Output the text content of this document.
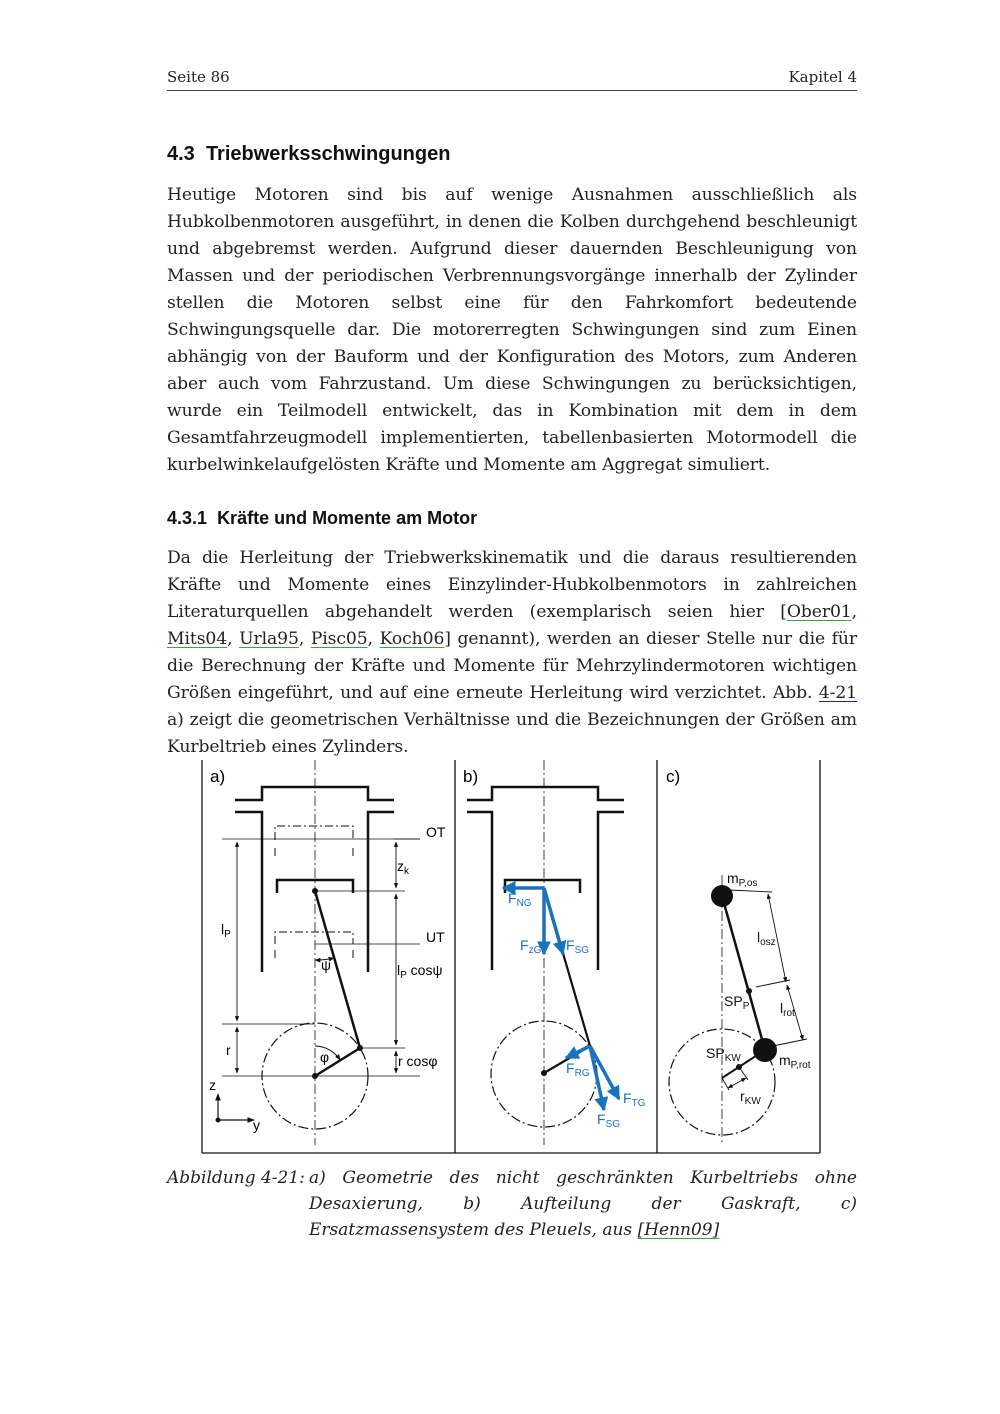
Seite 86	Kapitel 4
4.3 Triebwerksschwingungen

Heutige Motoren sind bis auf wenige Ausnahmen ausschließlich als Hubkolbenmotoren ausgeführt, in denen die Kolben durchgehend beschleunigt und abgebremst werden. Aufgrund dieser dauernden Beschleunigung von Massen und der periodischen Verbrennungsvorgänge innerhalb der Zylinder stellen die Motoren selbst eine für den Fahrkomfort bedeutende Schwingungsquelle dar. Die motorerregten Schwingungen sind zum Einen abhängig von der Bauform und der Konfiguration des Motors, zum Anderen aber auch vom Fahrzustand. Um diese Schwingungen zu berücksichtigen, wurde ein Teilmodell entwickelt, das in Kombination mit dem in dem Gesamtfahrzeugmodell implementierten, tabellenbasierten Motormodell die kurbelwinkelaufgelösten Kräfte und Momente am Aggregat simuliert.

4.3.1 Kräfte und Momente am Motor

Da die Herleitung der Triebwerkskinematik und die daraus resultierenden Kräfte und Momente eines Einzylinder-Hubkolbenmotors in zahlreichen Literaturquellen abgehandelt werden (exemplarisch seien hier [Ober01, Mits04, Urla95, Pisc05, Koch06] genannt), werden an dieser Stelle nur die für die Berechnung der Kräfte und Momente für Mehrzylindermotoren wichtigen Größen eingeführt, und auf eine erneute Herleitung wird verzichtet. Abb. 4-21 a) zeigt die geometrischen Verhältnisse und die Bezeichnungen der Größen am Kurbeltrieb eines Zylinders.

a)
ψ
φ
OT
UT
$z_k$
$l_P$
$l_P$ cosψ
r
r cosφ
z
y
b)
$F_{NG}$
$F_{zG}$ $F_{SG}$
$F_{RG}$
$F_{TG}$
$F_{SG}$
c)
$m_{P,os}$
$l_{osz}$
$SP_P$ $l_{rot}$
$SP_{KW}$	$m_{P,rot}$
$r_{KW}$
Abbildung 4-21: a) Geometrie des nicht geschränkten Kurbeltriebs ohne Desaxierung, b) Aufteilung der Gaskraft, c) Ersatzmassensystem des Pleuels, aus [Henn09]
